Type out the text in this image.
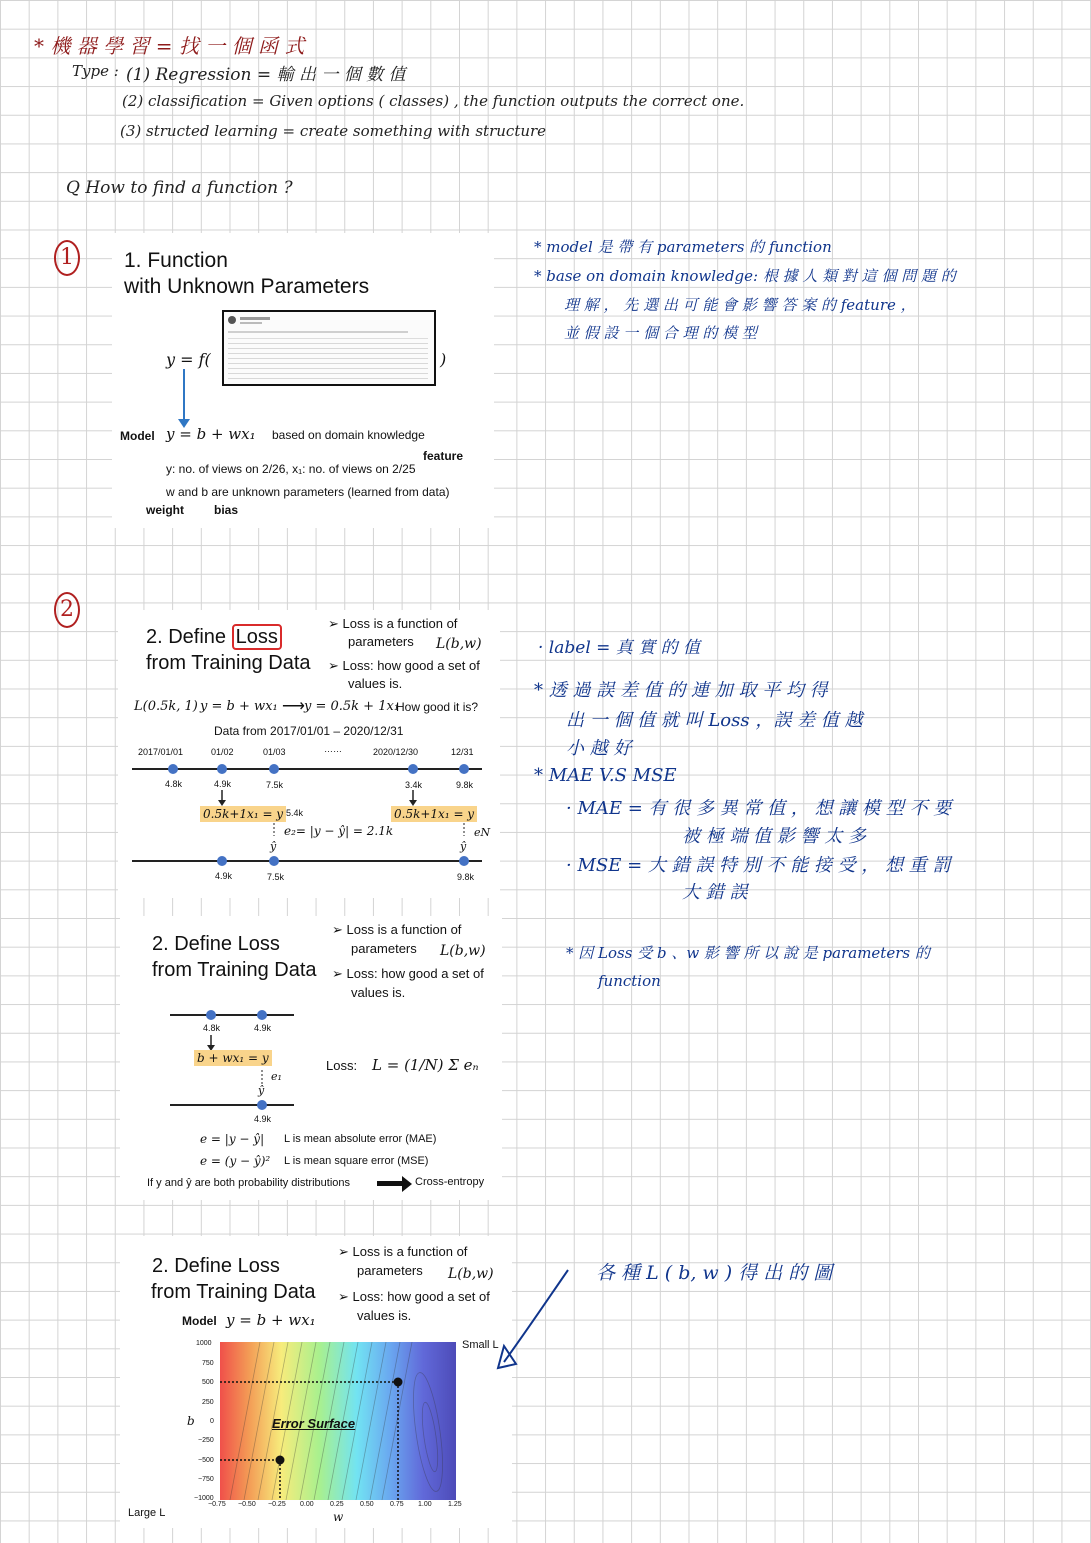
* 機 器 學 習 = 找 一 個 函 式
Type : (1) Regression = 輸 出 一 個 數 值
(2) classification = Given options ( classes) , the function outputs the correct one.
(3) structed learning = create something with structure
Q How to find a function ?
1 1. Function
with Unknown Parameters
y = f(	)
Model y = b + wx₁ based on domain knowledge
feature
y: no. of views on 2/26, x₁: no. of views on 2/25
w and b are unknown parameters (learned from data)
weight	bias
* model 是 帶 有 parameters 的 function
* base on domain knowledge: 根 據 人 類 對 這 個 問 題 的
理 解 ， 先 選 出 可 能 會 影 響 答 案 的 feature ，
並 假 設 一 個 合 理 的 模 型
2
2. Define Loss
from Training Data
➢ Loss is a function of
parameters L(b,w)
➢ Loss: how good a set of
values is.
L(0.5k, 1) y = b + wx₁ ⟶ y = 0.5k + 1x₁
How good it is?
Data from 2017/01/01 – 2020/12/31
2017/01/01	01/02	01/03	……	2020/12/30	12/31
4.8k	4.9k	7.5k	3.4k	9.8k
0.5k+1x₁ = y 5.4k	0.5k+1x₁ = y
e₂= |y − ŷ| = 2.1k	eN
ŷ	ŷ
4.9k	7.5k	9.8k
2. Define Loss
from Training Data
➢ Loss is a function of
parameters L(b,w)
➢ Loss: how good a set of
values is.
4.8k	4.9k
b + wx₁ = y
e₁
ŷ
4.9k
Loss: L = (1/N) Σ eₙ
e = |y − ŷ| L is mean absolute error (MAE)
e = (y − ŷ)² L is mean square error (MSE)
If y and ŷ are both probability distributions	Cross-entropy
2. Define Loss
from Training Data
➢ Loss is a function of
parameters L(b,w)
➢ Loss: how good a set of
values is.
Model y = b + wx₁
Error Surface
Small L
Large L
b
w
1000
750
500
250
0
−250
−500
−750
−1000
−0.75 −0.50 −0.25 0.00 0.25 0.50 0.75 1.00 1.25
· label = 真 實 的 值
* 透 過 誤 差 值 的 連 加 取 平 均 得
出 一 個 值 就 叫 Loss ，誤 差 值 越
小 越 好
* MAE V.S MSE
· MAE = 有 很 多 異 常 值 ， 想 讓 模 型 不 要
被 極 端 值 影 響 太 多
· MSE = 大 錯 誤 特 別 不 能 接 受 ， 想 重 罰
大 錯 誤
* 因 Loss 受 b 、w 影 響 所 以 說 是 parameters 的
function
各 種 L ( b, w ) 得 出 的 圖
